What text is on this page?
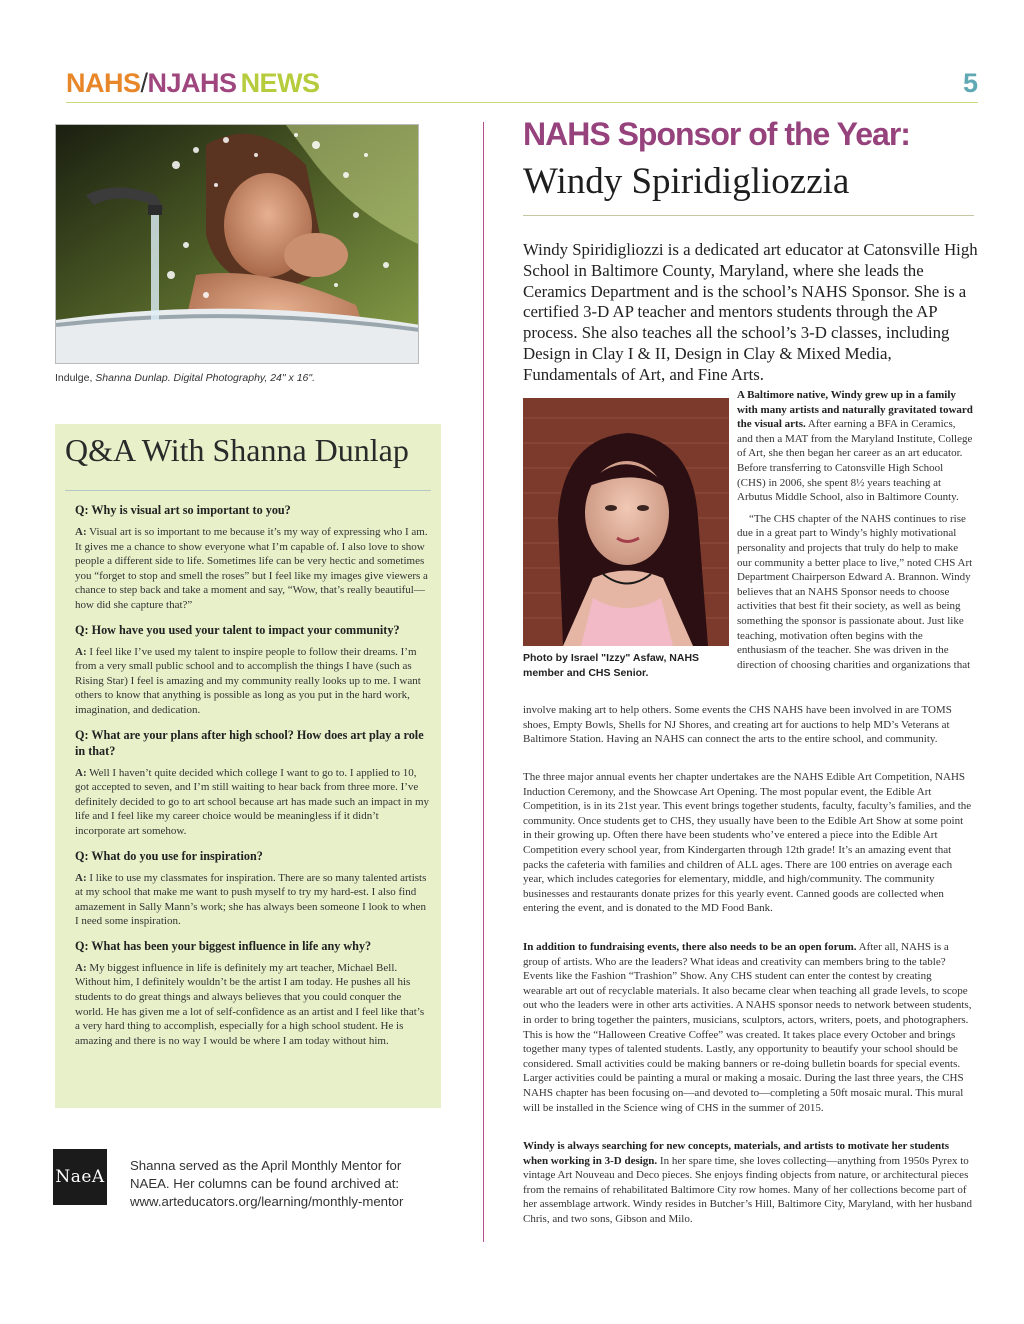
NAHS/NJAHS NEWS	5
Indulge, Shanna Dunlap. Digital Photography, 24" x 16".
Q&A With Shanna Dunlap

Q: Why is visual art so important to you?

A: Visual art is so important to me because it’s my way of expressing who I am. It gives me a chance to show everyone what I’m capable of. I also love to show people a different side to life. Sometimes life can be very hectic and sometimes you “forget to stop and smell the roses” but I feel like my images give viewers a chance to step back and take a moment and say, “Wow, that’s really beautiful—how did she capture that?”

Q: How have you used your talent to impact your community?

A: I feel like I’ve used my talent to inspire people to follow their dreams. I’m from a very small public school and to accomplish the things I have (such as Rising Star) I feel is amazing and my community really looks up to me. I want others to know that anything is possible as long as you put in the hard work, imagination, and dedication.

Q: What are your plans after high school? How does art play a role in that?

A: Well I haven’t quite decided which college I want to go to. I applied to 10, got accepted to seven, and I’m still waiting to hear back from three more. I’ve definitely decided to go to art school because art has made such an impact in my life and I feel like my career choice would be meaningless if it didn’t incorporate art somehow.

Q: What do you use for inspiration?

A: I like to use my classmates for inspiration. There are so many talented artists at my school that make me want to push myself to try my hard-est. I also find amazement in Sally Mann’s work; she has always been someone I look to when I need some inspiration.

Q: What has been your biggest influence in life any why?

A: My biggest influence in life is definitely my art teacher, Michael Bell. Without him, I definitely wouldn’t be the artist I am today. He pushes all his students to do great things and always believes that you could conquer the world. He has given me a lot of self-confidence as an artist and I feel like that’s a very hard thing to accomplish, especially for a high school student. He is amazing and there is no way I would be where I am today without him.

NaeA
Shanna served as the April Monthly Mentor for
NAEA. Her columns can be found archived at:
www.arteducators.org/learning/monthly-mentor
NAHS Sponsor of the Year:
Windy Spiridigliozzia

Windy Spiridigliozzi is a dedicated art educator at Catonsville High School in Baltimore County, Maryland, where she leads the Ceramics Department and is the school’s NAHS Sponsor. She is a certified 3-D AP teacher and mentors students through the AP process. She also teaches all the school’s 3-D classes, including Design in Clay I & II, Design in Clay & Mixed Media, Fundamentals of Art, and Fine Arts.

Photo by Israel "Izzy" Asfaw, NAHS member and CHS Senior.

A Baltimore native, Windy grew up in a family with many artists and naturally gravitated toward the visual arts. After earning a BFA in Ceramics, and then a MAT from the Maryland Institute, College of Art, she then began her career as an art educator. Before transferring to Catonsville High School (CHS) in 2006, she spent 8½ years teaching at Arbutus Middle School, also in Baltimore County.

“The CHS chapter of the NAHS continues to rise due in a great part to Windy’s highly motivational personality and projects that truly do help to make our community a better place to live,” noted CHS Art Department Chairperson Edward A. Brannon. Windy believes that an NAHS Sponsor needs to choose activities that best fit their society, as well as being something the sponsor is passionate about. Just like teaching, motivation often begins with the enthusiasm of the teacher. She was driven in the direction of choosing charities and organizations that

involve making art to help others. Some events the CHS NAHS have been involved in are TOMS shoes, Empty Bowls, Shells for NJ Shores, and creating art for auctions to help MD’s Veterans at Baltimore Station. Having an NAHS can connect the arts to the entire school, and community.

The three major annual events her chapter undertakes are the NAHS Edible Art Competition, NAHS Induction Ceremony, and the Showcase Art Opening. The most popular event, the Edible Art Competition, is in its 21st year. This event brings together students, faculty, faculty’s families, and the community. Once students get to CHS, they usually have been to the Edible Art Show at some point in their growing up. Often there have been students who’ve entered a piece into the Edible Art Competition every school year, from Kindergarten through 12th grade! It’s an amazing event that packs the cafeteria with families and children of ALL ages. There are 100 entries on average each year, which includes categories for elementary, middle, and high/community. The community businesses and restaurants donate prizes for this yearly event. Canned goods are collected when entering the event, and is donated to the MD Food Bank.

In addition to fundraising events, there also needs to be an open forum. After all, NAHS is a group of artists. Who are the leaders? What ideas and creativity can members bring to the table? Events like the Fashion “Trashion” Show. Any CHS student can enter the contest by creating wearable art out of recyclable materials. It also became clear when teaching all grade levels, to scope out who the leaders were in other arts activities. A NAHS sponsor needs to network between students, in order to bring together the painters, musicians, sculptors, actors, writers, poets, and photographers. This is how the “Halloween Creative Coffee” was created. It takes place every October and brings together many types of talented students. Lastly, any opportunity to beautify your school should be considered. Small activities could be making banners or re-doing bulletin boards for special events. Larger activities could be painting a mural or making a mosaic. During the last three years, the CHS NAHS chapter has been focusing on—and devoted to—completing a 50ft mosaic mural. This mural will be installed in the Science wing of CHS in the summer of 2015.

Windy is always searching for new concepts, materials, and artists to motivate her students when working in 3-D design. In her spare time, she loves collecting—anything from 1950s Pyrex to vintage Art Nouveau and Deco pieces. She enjoys finding objects from nature, or architectural pieces from the remains of rehabilitated Baltimore City row homes. Many of her collections become part of her assemblage artwork. Windy resides in Butcher’s Hill, Baltimore City, Maryland, with her husband Chris, and two sons, Gibson and Milo.
